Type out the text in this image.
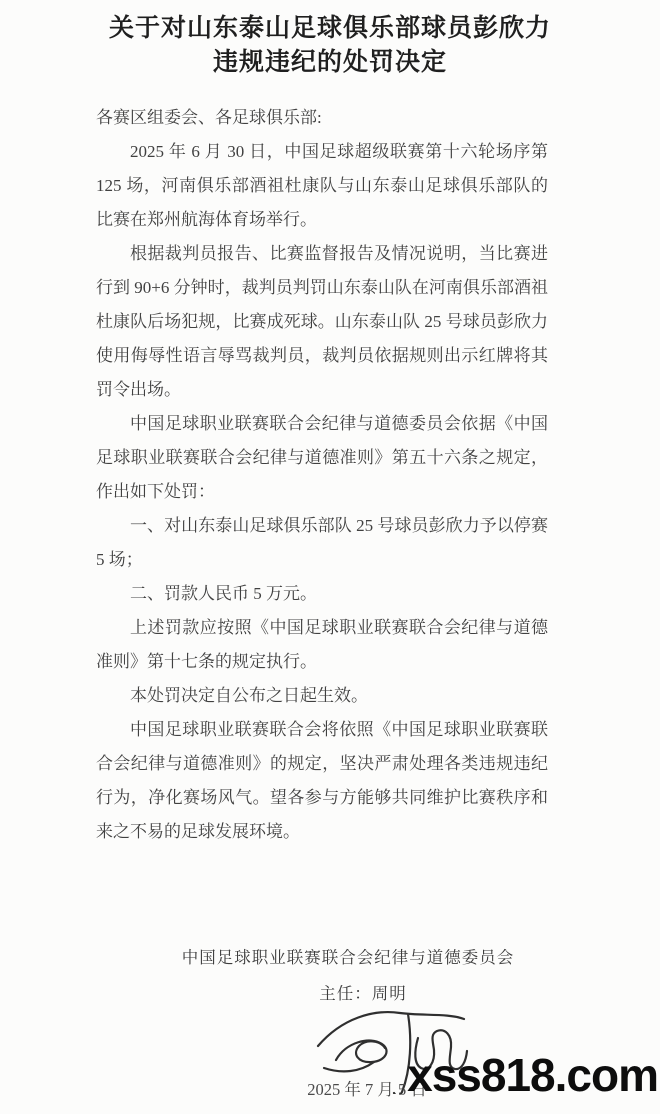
关于对山东泰山足球俱乐部球员彭欣力
违规违纪的处罚决定

各赛区组委会、各足球俱乐部:

2025 年 6 月 30 日，中国足球超级联赛第十六轮场序第 125 场，河南俱乐部酒祖杜康队与山东泰山足球俱乐部队的比赛在郑州航海体育场举行。

根据裁判员报告、比赛监督报告及情况说明，当比赛进行到 90+6 分钟时，裁判员判罚山东泰山队在河南俱乐部酒祖杜康队后场犯规，比赛成死球。山东泰山队 25 号球员彭欣力使用侮辱性语言辱骂裁判员，裁判员依据规则出示红牌将其罚令出场。

中国足球职业联赛联合会纪律与道德委员会依据《中国足球职业联赛联合会纪律与道德准则》第五十六条之规定，作出如下处罚：

一、对山东泰山足球俱乐部队 25 号球员彭欣力予以停赛 5 场；

二、罚款人民币 5 万元。

上述罚款应按照《中国足球职业联赛联合会纪律与道德准则》第十七条的规定执行。

本处罚决定自公布之日起生效。

中国足球职业联赛联合会将依照《中国足球职业联赛联合会纪律与道德准则》的规定，坚决严肃处理各类违规违纪行为，净化赛场风气。望各参与方能够共同维护比赛秩序和来之不易的足球发展环境。

中国足球职业联赛联合会纪律与道德委员会
主任：周明
2025 年 7 月 5 日
xss818.com
